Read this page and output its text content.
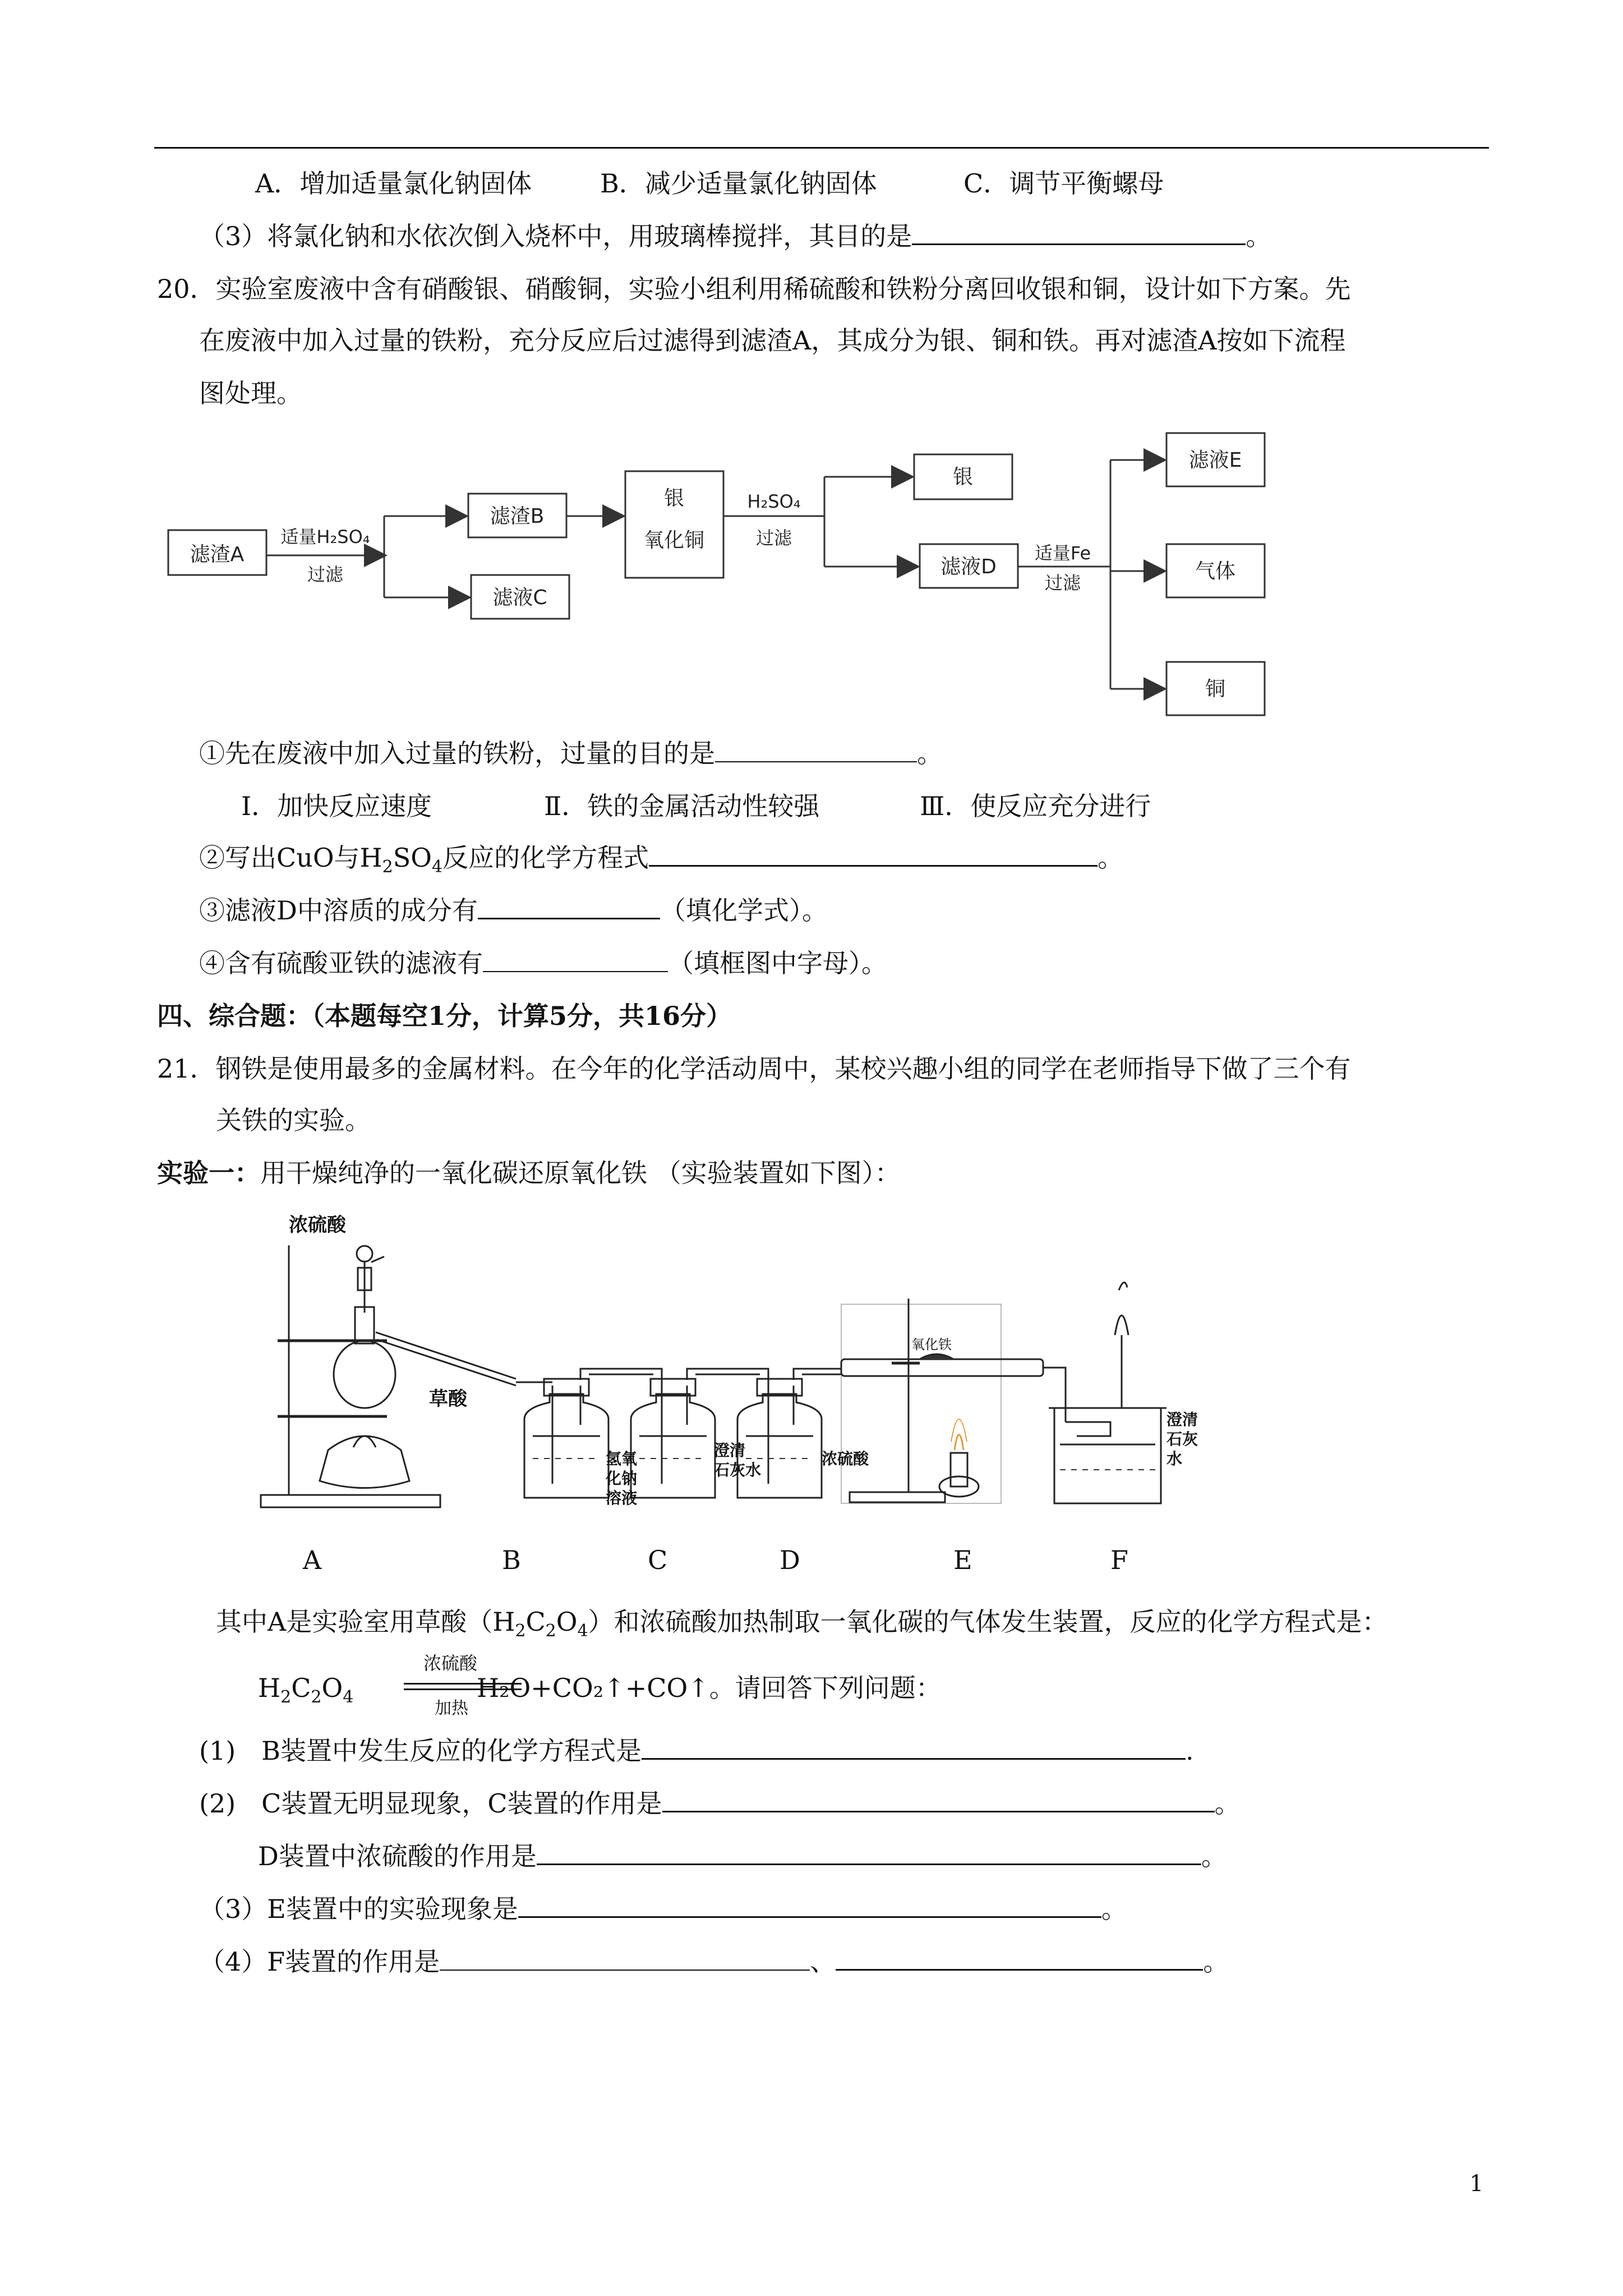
A．增加适量氯化钠固体	B．减少适量氯化钠固体	C．调节平衡螺母
（3）将氯化钠和水依次倒入烧杯中，用玻璃棒搅拌，其目的是	。
20．实验室废液中含有硝酸银、硝酸铜，实验小组利用稀硫酸和铁粉分离回收银和铜，设计如下方案。先
在废液中加入过量的铁粉，充分反应后过滤得到滤渣A，其成分为银、铜和铁。再对滤渣A按如下流程
图处理。
滤渣A
适量H₂SO₄
过滤
滤渣B
滤液C
银
氧化铜
H₂SO₄
过滤
银
滤液D
适量Fe
过滤
滤液E
气体
铜
①先在废液中加入过量的铁粉，过量的目的是	。
Ⅰ．加快反应速度	Ⅱ．铁的金属活动性较强	Ⅲ．使反应充分进行
②写出CuO与$H_2SO_4$反应的化学方程式	。
③滤液D中溶质的成分有	（填化学式）。
④含有硫酸亚铁的滤液有	（填框图中字母）。
四、综合题：（本题每空1分，计算5分，共16分）
21．钢铁是使用最多的金属材料。在今年的化学活动周中，某校兴趣小组的同学在老师指导下做了三个有
关铁的实验。
实验一：用干燥纯净的一氧化碳还原氧化铁 （实验装置如下图）：
浓硫酸
草酸
氢氧
化钠
溶液
澄清
石灰水
浓硫酸
氧化铁
澄清
石灰
水
A	B	C	D	E	F
其中A是实验室用草酸$(H_2C_2O_4)$和浓硫酸加热制取一氧化碳的气体发生装置，反应的化学方程式是：
$H_2C_2O_4$
浓硫酸
加热
H₂O+CO₂↑+CO↑。请回答下列问题：
(1)　B装置中发生反应的化学方程式是	.
(2)　C装置无明显现象，C装置的作用是	。
D装置中浓硫酸的作用是	。
（3）E装置中的实验现象是	。
（4）F装置的作用是	、	。
1
